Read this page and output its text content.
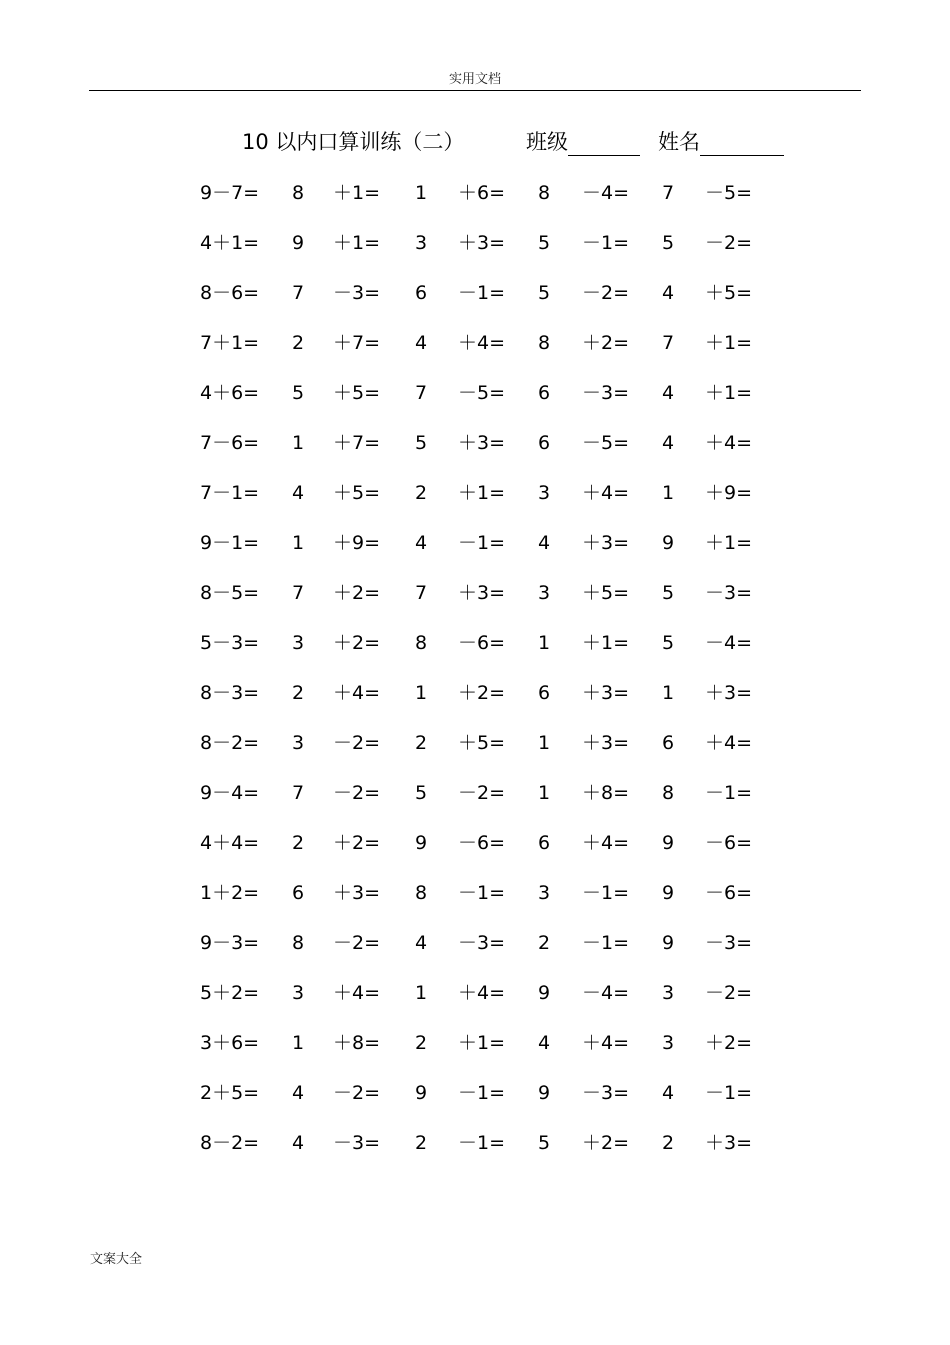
实用文档
10 以内口算训练（二）	班级	姓名
9－7= 8 ＋1= 1 ＋6= 8 －4= 7 －5=
4＋1= 9 ＋1= 3 ＋3= 5 －1= 5 －2=
8－6= 7 －3= 6 －1= 5 －2= 4 ＋5=
7＋1= 2 ＋7= 4 ＋4= 8 ＋2= 7 ＋1=
4＋6= 5 ＋5= 7 －5= 6 －3= 4 ＋1=
7－6= 1 ＋7= 5 ＋3= 6 －5= 4 ＋4=
7－1= 4 ＋5= 2 ＋1= 3 ＋4= 1 ＋9=
9－1= 1 ＋9= 4 －1= 4 ＋3= 9 ＋1=
8－5= 7 ＋2= 7 ＋3= 3 ＋5= 5 －3=
5－3= 3 ＋2= 8 －6= 1 ＋1= 5 －4=
8－3= 2 ＋4= 1 ＋2= 6 ＋3= 1 ＋3=
8－2= 3 －2= 2 ＋5= 1 ＋3= 6 ＋4=
9－4= 7 －2= 5 －2= 1 ＋8= 8 －1=
4＋4= 2 ＋2= 9 －6= 6 ＋4= 9 －6=
1＋2= 6 ＋3= 8 －1= 3 －1= 9 －6=
9－3= 8 －2= 4 －3= 2 －1= 9 －3=
5＋2= 3 ＋4= 1 ＋4= 9 －4= 3 －2=
3＋6= 1 ＋8= 2 ＋1= 4 ＋4= 3 ＋2=
2＋5= 4 －2= 9 －1= 9 －3= 4 －1=
8－2= 4 －3= 2 －1= 5 ＋2= 2 ＋3=
文案大全
